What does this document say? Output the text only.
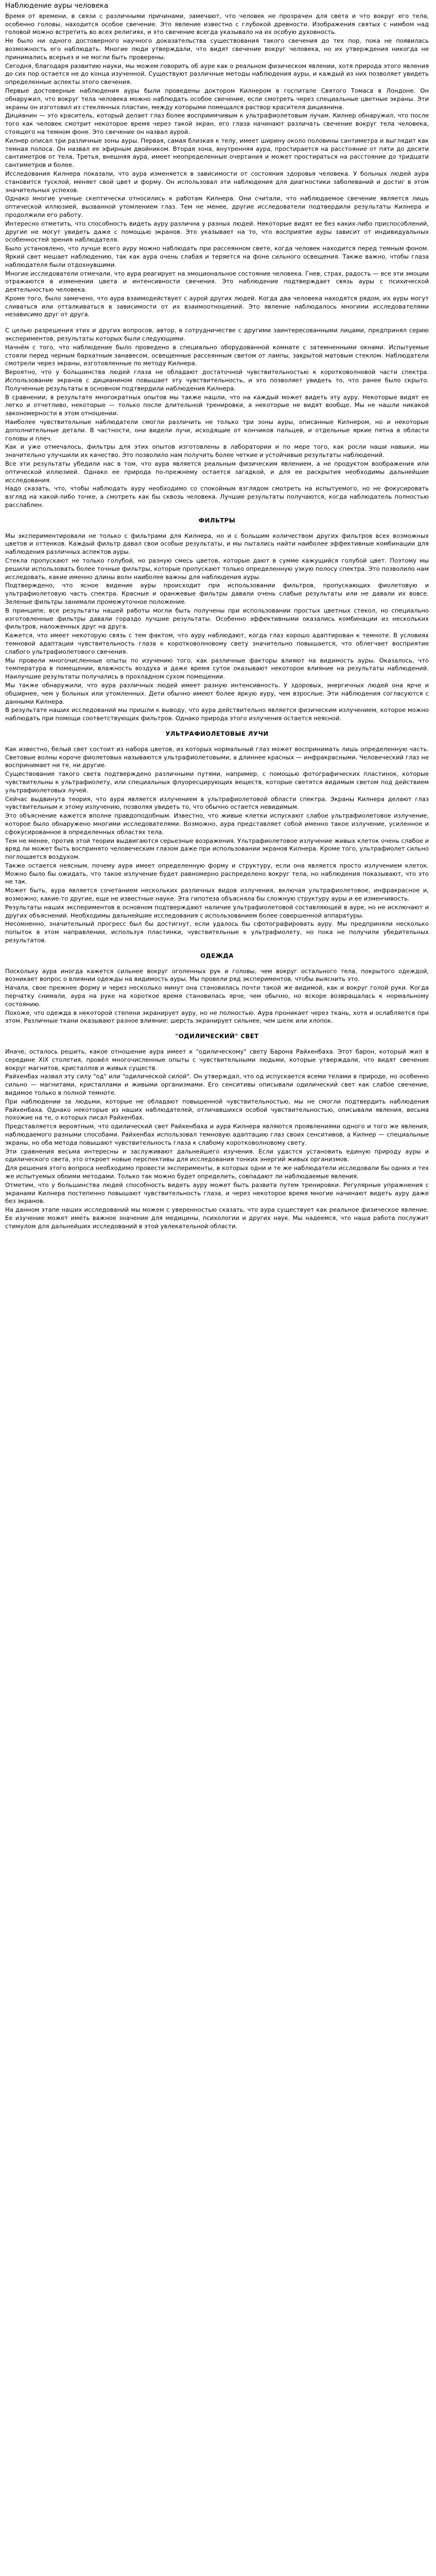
Наблюдение ауры человека

Время от времени, в связи с различными причинами, замечают, что человек не прозрачен для света и что вокруг его тела, особенно головы, находится особое свечение. Это явление известно с глубокой древности. Изображения святых с нимбом над головой можно встретить во всех религиях, и это свечение всегда указывало на их особую духовность.

Не было ни одного достоверного научного доказательства существования такого свечения до тех пор, пока не появилась возможность его наблюдать. Многие люди утверждали, что видят свечение вокруг человека, но их утверждения никогда не принимались всерьез и не могли быть проверены.

Сегодня, благодаря развитию науки, мы можем говорить об ауре как о реальном физическом явлении, хотя природа этого явления до сих пор остается не до конца изученной. Существуют различные методы наблюдения ауры, и каждый из них позволяет увидеть определенные аспекты этого свечения.

Первые достоверные наблюдения ауры были проведены доктором Килнером в госпитале Святого Томаса в Лондоне. Он обнаружил, что вокруг тела человека можно наблюдать особое свечение, если смотреть через специальные цветные экраны. Эти экраны он изготовил из стеклянных пластин, между которыми помещался раствор красителя дицианина.

Дицианин — это краситель, который делает глаз более восприимчивым к ультрафиолетовым лучам. Килнер обнаружил, что после того как человек смотрит некоторое время через такой экран, его глаза начинают различать свечение вокруг тела человека, стоящего на темном фоне. Это свечение он назвал аурой.

Килнер описал три различные зоны ауры. Первая, самая близкая к телу, имеет ширину около половины сантиметра и выглядит как темная полоса. Он назвал ее эфирным двойником. Вторая зона, внутренняя аура, простирается на расстояние от пяти до десяти сантиметров от тела. Третья, внешняя аура, имеет неопределенные очертания и может простираться на расстояние до тридцати сантиметров и более.

Исследования Килнера показали, что аура изменяется в зависимости от состояния здоровья человека. У больных людей аура становится тусклой, меняет свой цвет и форму. Он использовал эти наблюдения для диагностики заболеваний и достиг в этом значительных успехов.

Однако многие ученые скептически относились к работам Килнера. Они считали, что наблюдаемое свечение является лишь оптической иллюзией, вызванной утомлением глаз. Тем не менее, другие исследователи подтвердили результаты Килнера и продолжили его работу.

Интересно отметить, что способность видеть ауру различна у разных людей. Некоторые видят ее без каких-либо приспособлений, другие не могут увидеть даже с помощью экранов. Это указывает на то, что восприятие ауры зависит от индивидуальных особенностей зрения наблюдателя.

Было установлено, что лучше всего ауру можно наблюдать при рассеянном свете, когда человек находится перед темным фоном. Яркий свет мешает наблюдению, так как аура очень слабая и теряется на фоне сильного освещения. Также важно, чтобы глаза наблюдателя были отдохнувшими.

Многие исследователи отмечали, что аура реагирует на эмоциональное состояние человека. Гнев, страх, радость — все эти эмоции отражаются в изменении цвета и интенсивности свечения. Это наблюдение подтверждает связь ауры с психической деятельностью человека.

Кроме того, было замечено, что аура взаимодействует с аурой других людей. Когда два человека находятся рядом, их ауры могут сливаться или отталкиваться в зависимости от их взаимоотношений. Это явление наблюдалось многими исследователями независимо друг от друга.

С целью разрешения этих и других вопросов, автор, в сотрудничестве с другими заинтересованными лицами, предпринял серию экспериментов, результаты которых были следующими.

Начнём с того, что наблюдение было проведено в специально оборудованной комнате с затемненными окнами. Испытуемые стояли перед черным бархатным занавесом, освещенные рассеянным светом от лампы, закрытой матовым стеклом. Наблюдатели смотрели через экраны, изготовленные по методу Килнера.

Вероятно, что у большинства людей глаза не обладают достаточной чувствительностью к коротковолновой части спектра. Использование экранов с дицианином повышает эту чувствительность, и это позволяет увидеть то, что ранее было скрыто. Полученные результаты в основном подтвердили наблюдения Килнера.

В сравнении, в результате многократных опытов мы также нашли, что на каждый может видеть эту ауру. Некоторые видят ее легко и отчетливо, некоторые — только после длительной тренировки, а некоторые не видят вообще. Мы не нашли никакой закономерности в этом отношении.

Наиболее чувствительные наблюдатели смогли различить не только три зоны ауры, описанные Килнером, но и некоторые дополнительные детали. В частности, они видели лучи, исходящие от кончиков пальцев, и отдельные яркие пятна в области головы и плеч.

Как и уже отмечалось, фильтры для этих опытов изготовлены в лаборатории и по мере того, как росли наши навыки, мы значительно улучшили их качество. Это позволило нам получить более четкие и устойчивые результаты наблюдений.

Все эти результаты убедили нас в том, что аура является реальным физическим явлением, а не продуктом воображения или оптической иллюзией. Однако ее природа по-прежнему остается загадкой, и для ее раскрытия необходимы дальнейшие исследования.

Надо сказать, что, чтобы наблюдать ауру необходимо со спокойным взглядом смотреть на испытуемого, но не фокусировать взгляд на какой-либо точке, а смотреть как бы сквозь человека. Лучшие результаты получаются, когда наблюдатель полностью расслаблен.

ФИЛЬТРЫ

Мы экспериментировали не только с фильтрами для Килнера, но и с большим количеством других фильтров всех возможных цветов и оттенков. Каждый фильтр давал свои особые результаты, и мы пытались найти наиболее эффективные комбинации для наблюдения различных аспектов ауры.

Стекла пропускают не только голубой, но разную смесь цветов, которые дают в сумме кажущийся голубой цвет. Поэтому мы решили использовать более точные фильтры, которые пропускают только определенную узкую полосу спектра. Это позволило нам исследовать, какие именно длины волн наиболее важны для наблюдения ауры.

Подтверждено, что ясное видение ауры происходит при использовании фильтров, пропускающих фиолетовую и ультрафиолетовую часть спектра. Красные и оранжевые фильтры давали очень слабые результаты или не давали их вовсе. Зеленые фильтры занимали промежуточное положение.

В принципе, все результаты нашей работы могли быть получены при использовании простых цветных стекол, но специально изготовленные фильтры давали гораздо лучшие результаты. Особенно эффективными оказались комбинации из нескольких фильтров, наложенных друг на друга.

Кажется, что имеет некоторую связь с тем фактом, что ауру наблюдают, когда глаз хорошо адаптирован к темноте. В условиях темновой адаптации чувствительность глаза к коротковолновому свету значительно повышается, что облегчает восприятие слабого ультрафиолетового свечения.

Мы провели многочисленные опыты по изучению того, как различные факторы влияют на видимость ауры. Оказалось, что температура в помещении, влажность воздуха и даже время суток оказывают некоторое влияние на результаты наблюдений. Наилучшие результаты получались в прохладном сухом помещении.

Мы также обнаружили, что аура различных людей имеет разную интенсивность. У здоровых, энергичных людей она ярче и обширнее, чем у больных или утомленных. Дети обычно имеют более яркую ауру, чем взрослые. Эти наблюдения согласуются с данными Килнера.

В результате наших исследований мы пришли к выводу, что аура действительно является физическим излучением, которое можно наблюдать при помощи соответствующих фильтров. Однако природа этого излучения остается неясной.

УЛЬТРАФИОЛЕТОВЫЕ ЛУЧИ

Как известно, белый свет состоит из набора цветов, из которых нормальный глаз может воспринимать лишь определенную часть. Световые волны короче фиолетовых называются ультрафиолетовыми, а длиннее красных — инфракрасными. Человеческий глаз не воспринимает ни те, ни другие.

Существование такого света подтверждено различными путями, например, с помощью фотографических пластинок, которые чувствительны к ультрафиолету, или специальных флуоресцирующих веществ, которые светятся видимым светом под действием ультрафиолетовых лучей.

Сейчас выдвинута теория, что аура является излучением в ультрафиолетовой области спектра. Экраны Килнера делают глаз чувствительным к этому излучению, позволяя увидеть то, что обычно остается невидимым.

Это объяснение кажется вполне правдоподобным. Известно, что живые клетки испускают слабое ультрафиолетовое излучение, которое было обнаружено многими исследователями. Возможно, аура представляет собой именно такое излучение, усиленное и сфокусированное в определенных областях тела.

Тем не менее, против этой теории выдвигаются серьезные возражения. Ультрафиолетовое излучение живых клеток очень слабое и вряд ли может быть воспринято человеческим глазом даже при использовании экранов Килнера. Кроме того, ультрафиолет сильно поглощается воздухом.

Также остается неясным, почему аура имеет определенную форму и структуру, если она является просто излучением клеток. Можно было бы ожидать, что такое излучение будет равномерно распределено вокруг тела, но наблюдения показывают, что это не так.

Может быть, аура является сочетанием нескольких различных видов излучения, включая ультрафиолетовое, инфракрасное и, возможно, какие-то другие, еще не известные науке. Эта гипотеза объясняла бы сложную структуру ауры и ее изменчивость.

Результаты наших экспериментов в основном подтверждают наличие ультрафиолетовой составляющей в ауре, но не исключают и других объяснений. Необходимы дальнейшие исследования с использованием более совершенной аппаратуры.

Несомненно, значительный прогресс был бы достигнут, если удалось бы сфотографировать ауру. Мы предприняли несколько попыток в этом направлении, используя пластинки, чувствительные к ультрафиолету, но пока не получили убедительных результатов.

ОДЕЖДА

Поскольку аура иногда кажется сильнее вокруг оголенных рук и головы, чем вокруг остального тела, покрытого одеждой, возникает вопрос о влиянии одежды на видимость ауры. Мы провели ряд экспериментов, чтобы выяснить это.

Начала, свое прежнее форму и через несколько минут она становилась почти такой же видимой, как и вокруг голой руки. Когда перчатку снимали, аура на руке на короткое время становилась ярче, чем обычно, но вскоре возвращалась к нормальному состоянию.

Похоже, что одежда в некоторой степени экранирует ауру, но не полностью. Аура проникает через ткань, хотя и ослабляется при этом. Различные ткани оказывают разное влияние: шерсть экранирует сильнее, чем шелк или хлопок.

"ОДИЛИЧЕСКИЙ" СВЕТ

Иначе, осталось решить, какое отношение аура имеет к "одилическому" свету Барона Райхенбаха. Этот барон, который жил в середине XIX столетия, провёл многочисленные опыты с чувствительными людьми, которые утверждали, что видят свечение вокруг магнитов, кристаллов и живых существ.

Райхенбах назвал эту силу "од" или "одилической силой". Он утверждал, что од испускается всеми телами в природе, но особенно сильно — магнитами, кристаллами и живыми организмами. Его сенситивы описывали одилический свет как слабое свечение, видимое только в полной темноте.

При наблюдении за людьми, которые не обладают повышенной чувствительностью, мы не смогли подтвердить наблюдения Райхенбаха. Однако некоторые из наших наблюдателей, отличавшихся особой чувствительностью, описывали явления, весьма похожие на те, о которых писал Райхенбах.

Представляется вероятным, что одилический свет Райхенбаха и аура Килнера являются проявлениями одного и того же явления, наблюдаемого разными способами. Райхенбах использовал темновую адаптацию глаз своих сенситивов, а Килнер — специальные экраны, но оба метода повышают чувствительность глаза к слабому коротковолновому свету.

Эти сравнения весьма интересны и заслуживают дальнейшего изучения. Если удастся установить единую природу ауры и одилического света, это откроет новые перспективы для исследования тонких энергий живых организмов.

Для решения этого вопроса необходимо провести эксперименты, в которых одни и те же наблюдатели исследовали бы одних и тех же испытуемых обоими методами. Только так можно будет определить, совпадают ли наблюдаемые явления.

Отметим, что у большинства людей способность видеть ауру может быть развита путем тренировки. Регулярные упражнения с экранами Килнера постепенно повышают чувствительность глаза, и через некоторое время многие начинают видеть ауру даже без экранов.

На данном этапе наших исследований мы можем с уверенностью сказать, что аура существует как реальное физическое явление. Ее изучение может иметь важное значение для медицины, психологии и других наук. Мы надеемся, что наша работа послужит стимулом для дальнейших исследований в этой увлекательной области.
